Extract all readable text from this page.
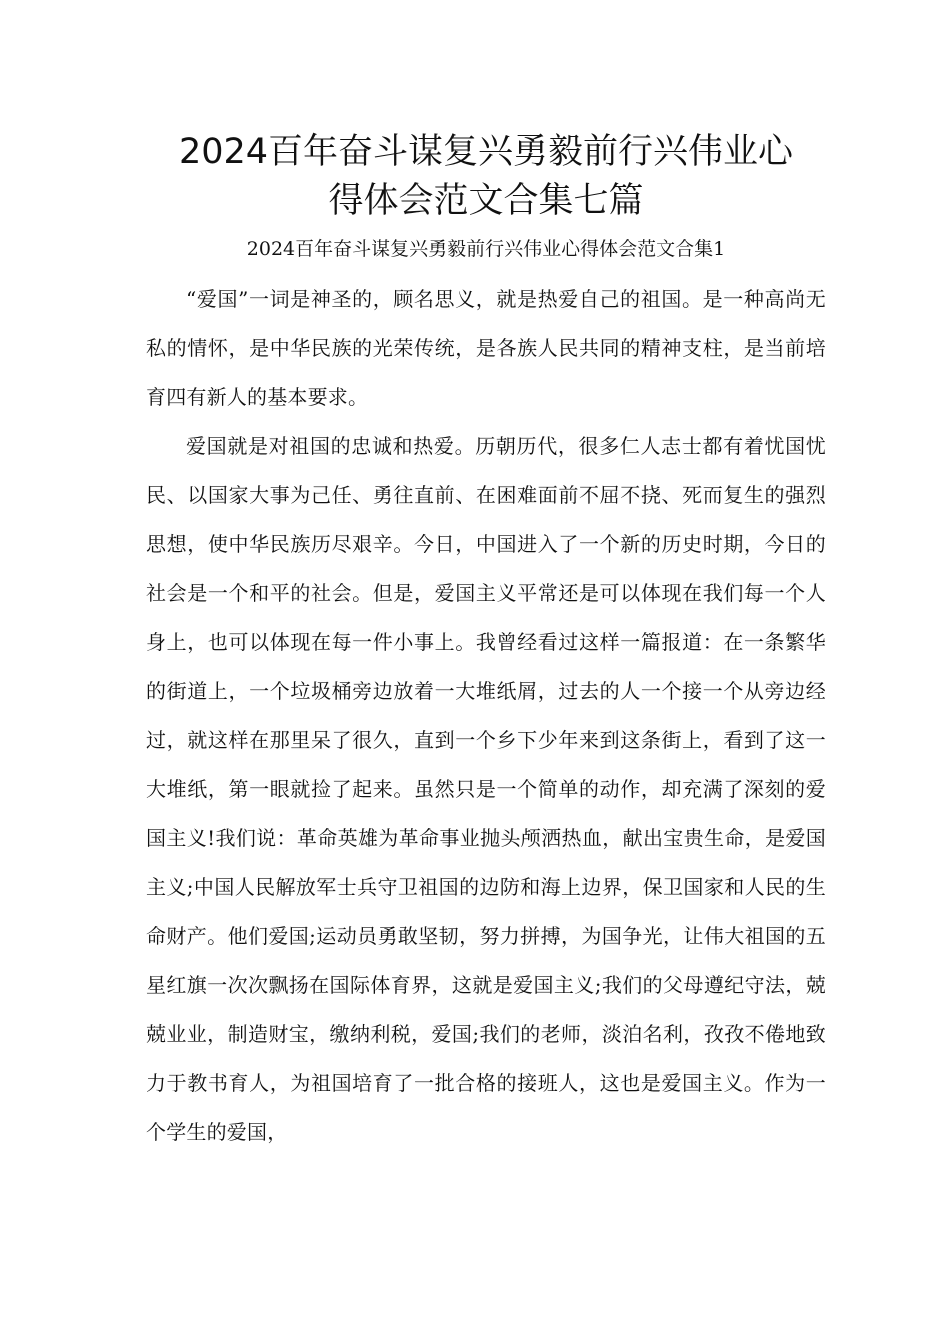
2024百年奋斗谋复兴勇毅前行兴伟业心
得体会范文合集七篇

2024百年奋斗谋复兴勇毅前行兴伟业心得体会范文合集1

“爱国”一词是神圣的，顾名思义，就是热爱自己的祖国。是一种高尚无私的情怀，是中华民族的光荣传统，是各族人民共同的精神支柱，是当前培育四有新人的基本要求。

爱国就是对祖国的忠诚和热爱。历朝历代，很多仁人志士都有着忧国忧民、以国家大事为己任、勇往直前、在困难面前不屈不挠、死而复生的强烈思想，使中华民族历尽艰辛。今日，中国进入了一个新的历史时期，今日的社会是一个和平的社会。但是，爱国主义平常还是可以体现在我们每一个人身上，也可以体现在每一件小事上。我曾经看过这样一篇报道：在一条繁华的街道上，一个垃圾桶旁边放着一大堆纸屑，过去的人一个接一个从旁边经过，就这样在那里呆了很久，直到一个乡下少年来到这条街上，看到了这一大堆纸，第一眼就捡了起来。虽然只是一个简单的动作，却充满了深刻的爱国主义!我们说：革命英雄为革命事业抛头颅洒热血，献出宝贵生命，是爱国主义;中国人民解放军士兵守卫祖国的边防和海上边界，保卫国家和人民的生命财产。他们爱国;运动员勇敢坚韧，努力拼搏，为国争光，让伟大祖国的五星红旗一次次飘扬在国际体育界，这就是爱国主义;我们的父母遵纪守法，兢兢业业，制造财宝，缴纳利税，爱国;我们的老师，淡泊名利，孜孜不倦地致力于教书育人，为祖国培育了一批合格的接班人，这也是爱国主义。作为一个学生的爱国，
